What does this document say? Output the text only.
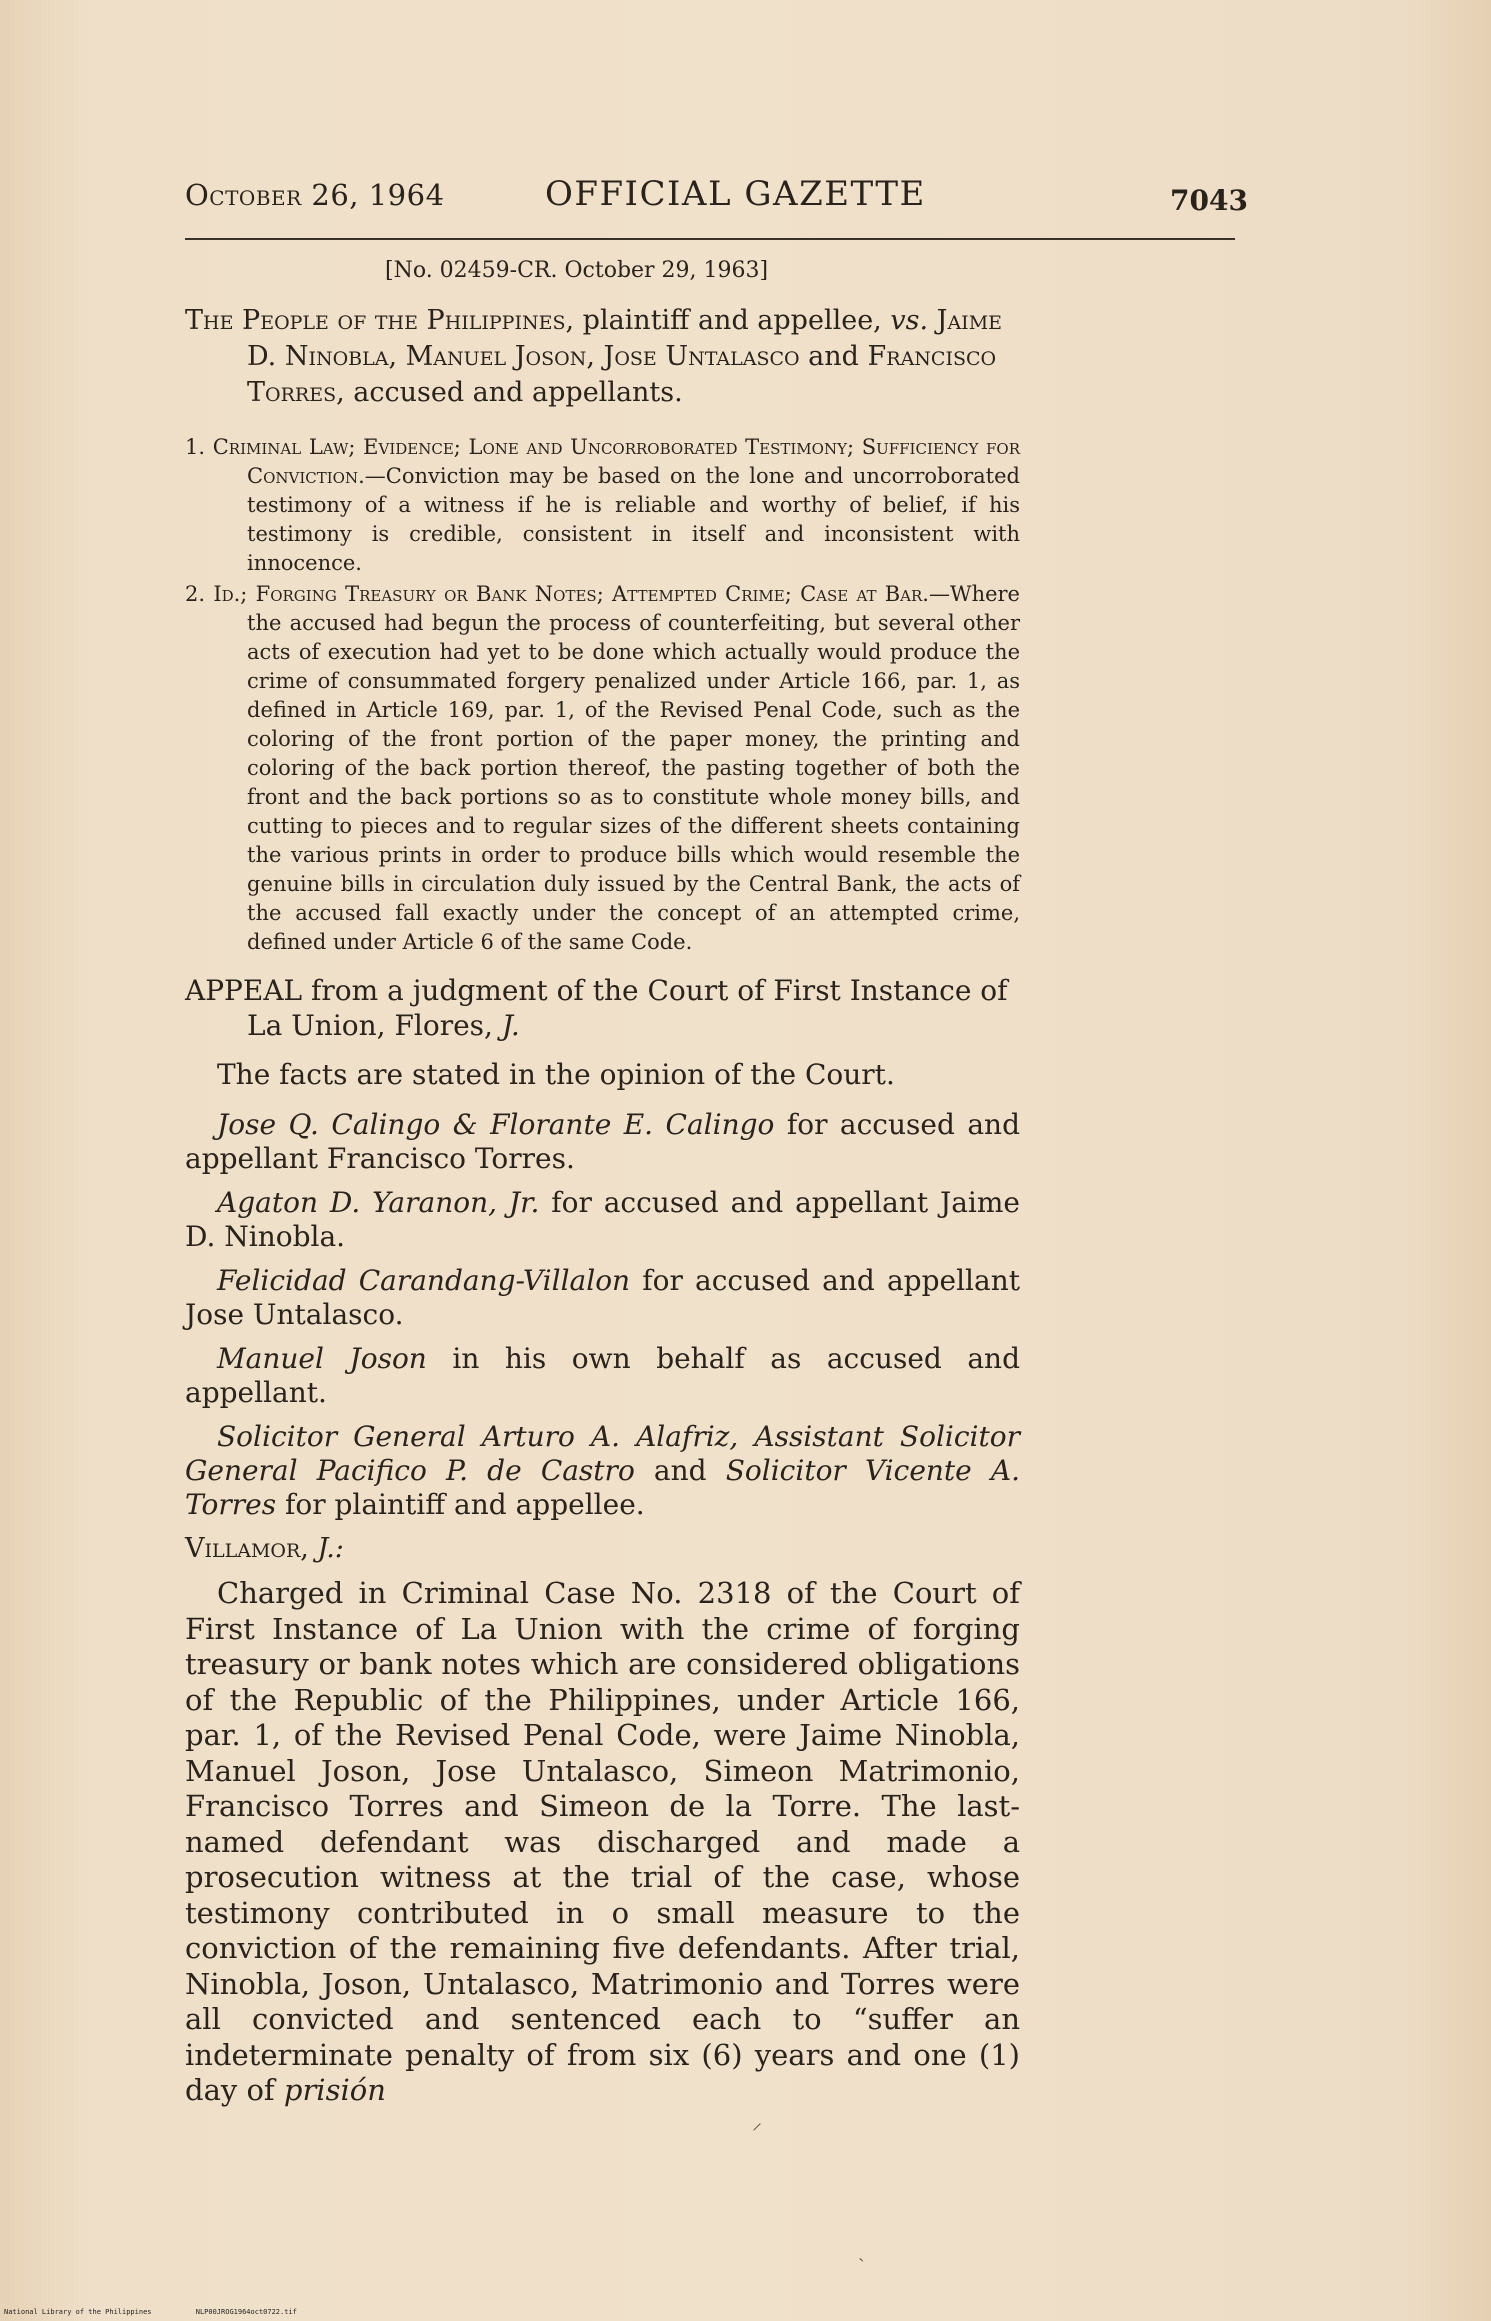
October 26, 1964	OFFICIAL GAZETTE	7043
[No. 02459-CR. October 29, 1963]
The People of the Philippines, plaintiff and appellee, vs. Jaime D. Ninobla, Manuel Joson, Jose Untalasco and Francisco Torres, accused and appellants.
1. Criminal Law; Evidence; Lone and Uncorroborated Testimony; Sufficiency for Conviction.—Conviction may be based on the lone and uncorroborated testimony of a witness if he is reliable and worthy of belief, if his testimony is credible, consistent in itself and inconsistent with innocence.
2. Id.; Forging Treasury or Bank Notes; Attempted Crime; Case at Bar.—Where the accused had begun the process of counterfeiting, but several other acts of execution had yet to be done which actually would produce the crime of consummated forgery penalized under Article 166, par. 1, as defined in Article 169, par. 1, of the Revised Penal Code, such as the coloring of the front portion of the paper money, the printing and coloring of the back portion thereof, the pasting together of both the front and the back portions so as to constitute whole money bills, and cutting to pieces and to regular sizes of the different sheets containing the various prints in order to produce bills which would resemble the genuine bills in circulation duly issued by the Central Bank, the acts of the accused fall exactly under the concept of an attempted crime, defined under Article 6 of the same Code.
APPEAL from a judgment of the Court of First Instance of La Union, Flores, J.
The facts are stated in the opinion of the Court.
Jose Q. Calingo & Florante E. Calingo for accused and appellant Francisco Torres.
Agaton D. Yaranon, Jr. for accused and appellant Jaime D. Ninobla.
Felicidad Carandang-Villalon for accused and appellant Jose Untalasco.
Manuel Joson in his own behalf as accused and appellant.
Solicitor General Arturo A. Alafriz, Assistant Solicitor General Pacifico P. de Castro and Solicitor Vicente A. Torres for plaintiff and appellee.
Villamor, J.:
Charged in Criminal Case No. 2318 of the Court of First Instance of La Union with the crime of forging treasury or bank notes which are considered obligations of the Republic of the Philippines, under Article 166, par. 1, of the Revised Penal Code, were Jaime Ninobla, Manuel Joson, Jose Untalasco, Simeon Matrimonio, Francisco Torres and Simeon de la Torre. The last-named defendant was discharged and made a prosecution witness at the trial of the case, whose testimony contributed in o small measure to the conviction of the remaining five defendants. After trial, Ninobla, Joson, Untalasco, Matrimonio and Torres were all convicted and sentenced each to “suffer an indeterminate penalty of from six (6) years and one (1) day of prisión
⸝
ˎ
National Library of the Philippines	NLP00JROG1964oct0722.tif
